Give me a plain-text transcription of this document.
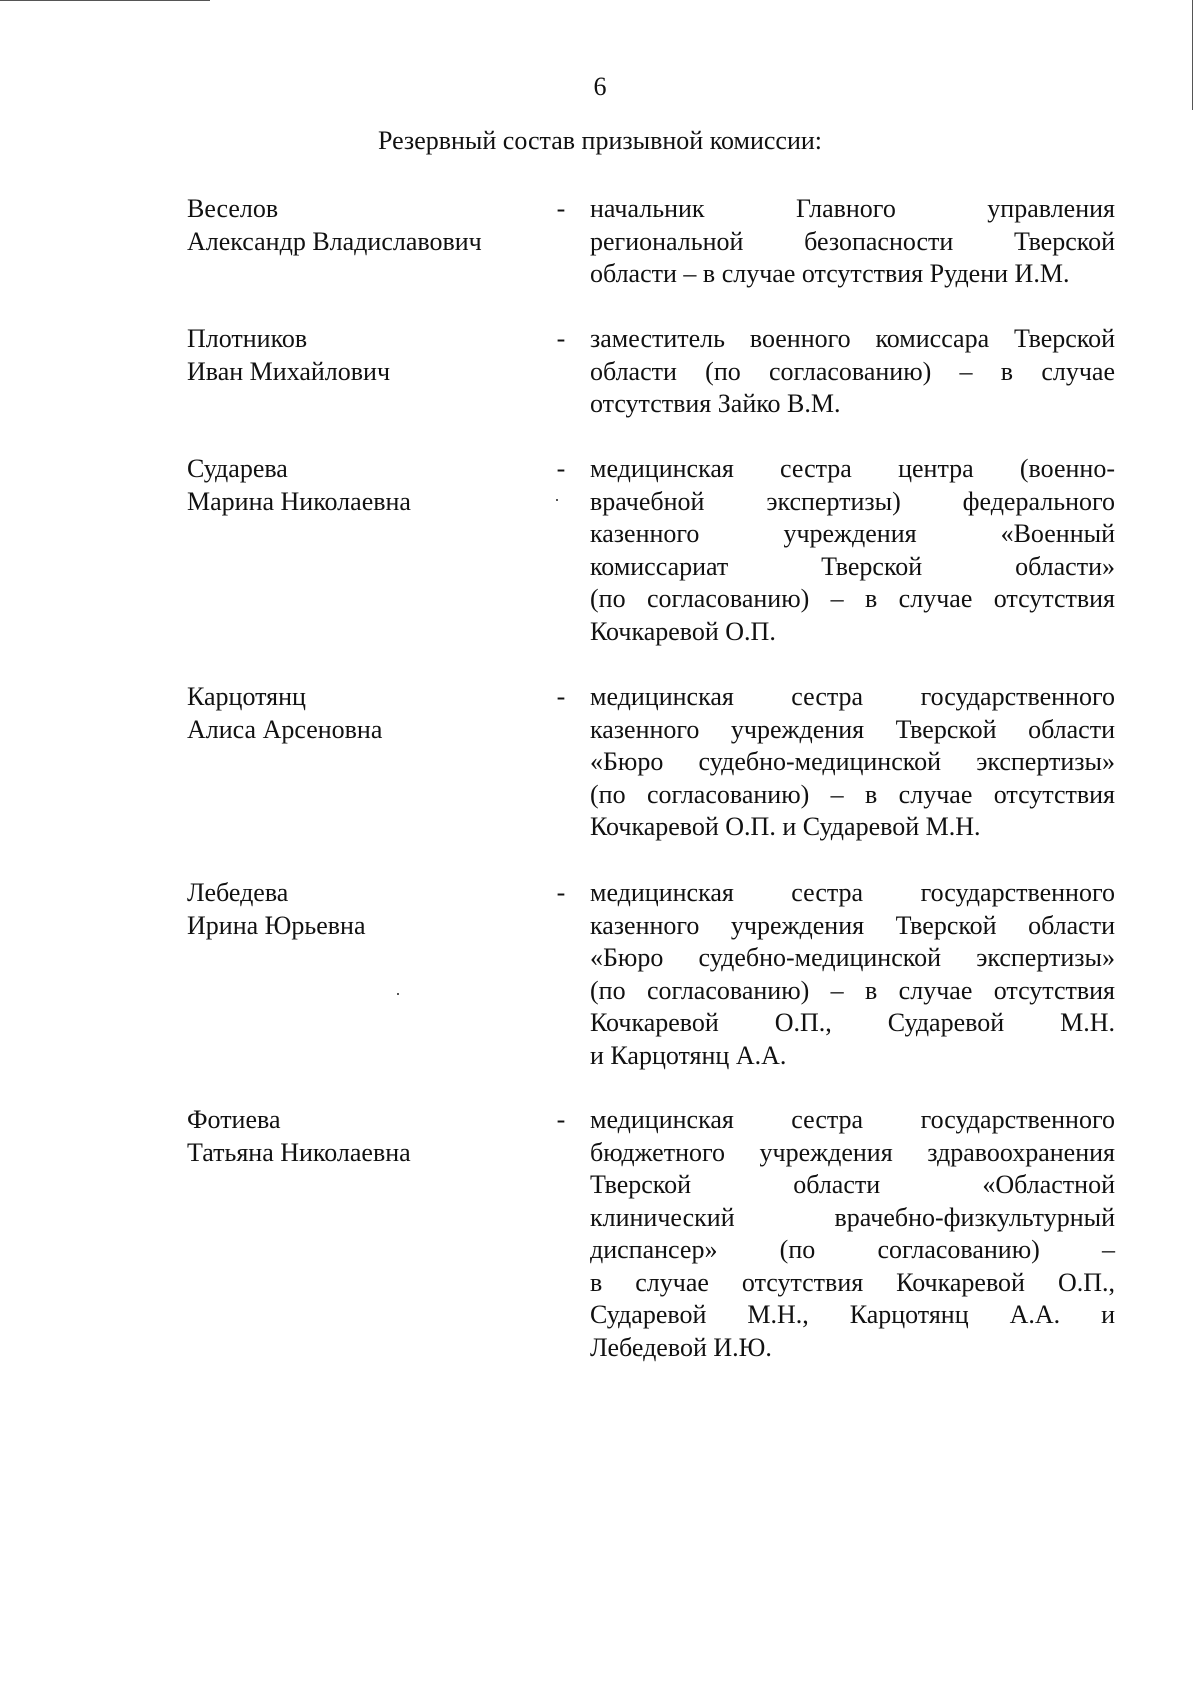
6
Резервный состав призывной комиссии:
Веселов
Александр Владиславович
- начальник Главного управления
региональной безопасности Тверской
области – в случае отсутствия Рудени И.М.
Плотников
Иван Михайлович
- заместитель военного комиссара Тверской
области (по согласованию) – в случае
отсутствия Зайко В.М.
Сударева
Марина Николаевна
- медицинская сестра центра (военно-
врачебной экспертизы) федерального
казенного учреждения «Военный
комиссариат Тверской области»
(по согласованию) – в случае отсутствия
Кочкаревой О.П.
Карцотянц
Алиса Арсеновна
- медицинская сестра государственного
казенного учреждения Тверской области
«Бюро судебно-медицинской экспертизы»
(по согласованию) – в случае отсутствия
Кочкаревой О.П. и Сударевой М.Н.
Лебедева
Ирина Юрьевна
- медицинская сестра государственного
казенного учреждения Тверской области
«Бюро судебно-медицинской экспертизы»
(по согласованию) – в случае отсутствия
Кочкаревой О.П., Сударевой М.Н.
и Карцотянц А.А.
Фотиева
Татьяна Николаевна
- медицинская сестра государственного
бюджетного учреждения здравоохранения
Тверской области «Областной
клинический врачебно-физкультурный
диспансер» (по согласованию) –
в случае отсутствия Кочкаревой О.П.,
Сударевой М.Н., Карцотянц А.А. и
Лебедевой И.Ю.
